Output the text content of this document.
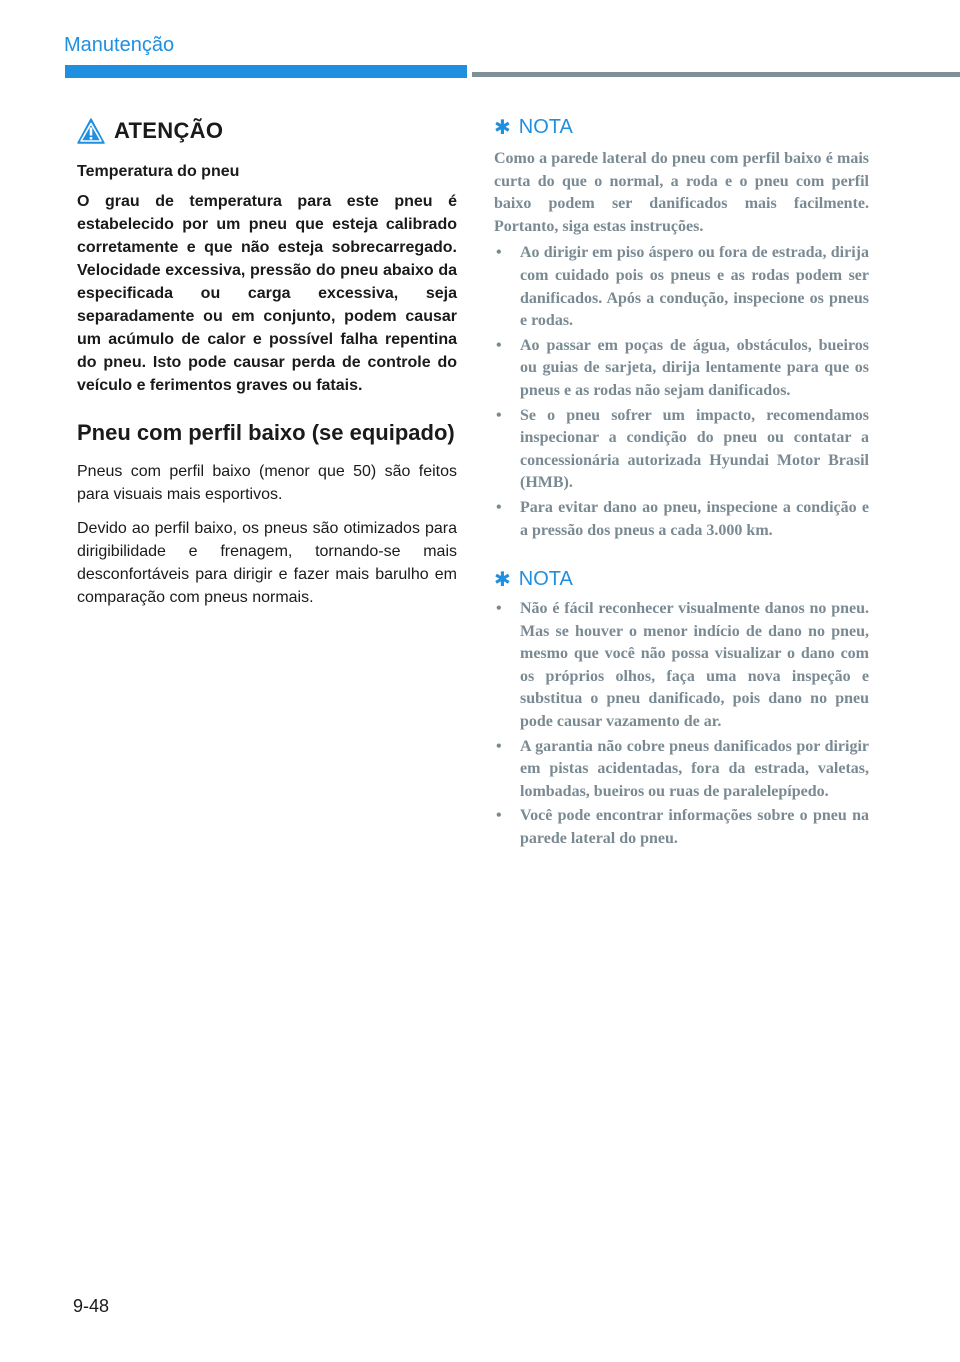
Manutenção
ATENÇÃO

Temperatura do pneu

O grau de temperatura para este pneu é estabelecido por um pneu que esteja calibrado corretamente e que não esteja sobrecarregado. Velocidade excessiva, pressão do pneu abaixo da especificada ou carga excessiva, seja separadamente ou em conjunto, podem causar um acúmulo de calor e possível falha repentina do pneu. Isto pode causar perda de controle do veículo e ferimentos graves ou fatais.

Pneu com perfil baixo (se equipado)

Pneus com perfil baixo (menor que 50) são feitos para visuais mais esportivos.

Devido ao perfil baixo, os pneus são otimizados para dirigibilidade e frenagem, tornando-se mais desconfortáveis para dirigir e fazer mais barulho em comparação com pneus normais.

✱ NOTA
Como a parede lateral do pneu com perfil baixo é mais curta do que o normal, a roda e o pneu com perfil baixo podem ser danificados mais facilmente. Portanto, siga estas instruções.
• Ao dirigir em piso áspero ou fora de estrada, dirija com cuidado pois os pneus e as rodas podem ser danificados. Após a condução, inspecione os pneus e rodas.
• Ao passar em poças de água, obstáculos, bueiros ou guias de sarjeta, dirija lentamente para que os pneus e as rodas não sejam danificados.
• Se o pneu sofrer um impacto, recomendamos inspecionar a condição do pneu ou contatar a concessionária autorizada Hyundai Motor Brasil (HMB).
• Para evitar dano ao pneu, inspecione a condição e a pressão dos pneus a cada 3.000 km.
✱ NOTA
• Não é fácil reconhecer visualmente danos no pneu. Mas se houver o menor indício de dano no pneu, mesmo que você não possa visualizar o dano com os próprios olhos, faça uma nova inspeção e substitua o pneu danificado, pois dano no pneu pode causar vazamento de ar.
• A garantia não cobre pneus danificados por dirigir em pistas acidentadas, fora da estrada, valetas, lombadas, bueiros ou ruas de paralelepípedo.
• Você pode encontrar informações sobre o pneu na parede lateral do pneu.
9-48
